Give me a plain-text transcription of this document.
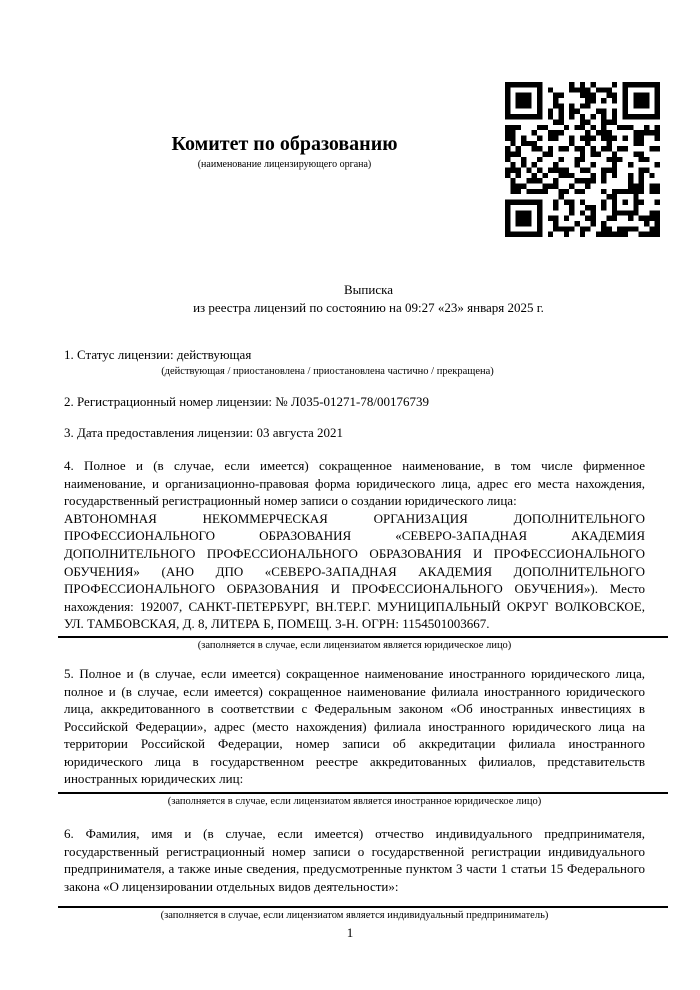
Комитет по образованию
(наименование лицензирующего органа)
Выписка
из реестра лицензий по состоянию на 09:27 «23» января 2025 г.

1. Статус лицензии: действующая

(действующая / приостановлена / приостановлена частично / прекращена)

2. Регистрационный номер лицензии: № Л035-01271-78/00176739

3. Дата предоставления лицензии: 03 августа 2021

4. Полное и (в случае, если имеется) сокращенное наименование, в том числе фирменное наименование, и организационно-правовая форма юридического лица, адрес его места нахождения, государственный регистрационный номер записи о создании юридического лица:
АВТОНОМНАЯ НЕКОММЕРЧЕСКАЯ ОРГАНИЗАЦИЯ ДОПОЛНИТЕЛЬНОГО ПРОФЕССИОНАЛЬНОГО ОБРАЗОВАНИЯ «СЕВЕРО-ЗАПАДНАЯ АКАДЕМИЯ ДОПОЛНИТЕЛЬНОГО ПРОФЕССИОНАЛЬНОГО ОБРАЗОВАНИЯ И ПРОФЕССИОНАЛЬНОГО ОБУЧЕНИЯ» (АНО ДПО «СЕВЕРО-ЗАПАДНАЯ АКАДЕМИЯ ДОПОЛНИТЕЛЬНОГО ПРОФЕССИОНАЛЬНОГО ОБРАЗОВАНИЯ И ПРОФЕССИОНАЛЬНОГО ОБУЧЕНИЯ»). Место нахождения: 192007, САНКТ-ПЕТЕРБУРГ, ВН.ТЕР.Г. МУНИЦИПАЛЬНЫЙ ОКРУГ ВОЛКОВСКОЕ, УЛ. ТАМБОВСКАЯ, Д. 8, ЛИТЕРА Б, ПОМЕЩ. 3-Н. ОГРН: 1154501003667.

(заполняется в случае, если лицензиатом является юридическое лицо)

5. Полное и (в случае, если имеется) сокращенное наименование иностранного юридического лица, полное и (в случае, если имеется) сокращенное наименование филиала иностранного юридического лица, аккредитованного в соответствии с Федеральным законом «Об иностранных инвестициях в Российской Федерации», адрес (место нахождения) филиала иностранного юридического лица на территории Российской Федерации, номер записи об аккредитации филиала иностранного юридического лица в государственном реестре аккредитованных филиалов, представительств иностранных юридических лиц:

(заполняется в случае, если лицензиатом является иностранное юридическое лицо)

6. Фамилия, имя и (в случае, если имеется) отчество индивидуального предпринимателя, государственный регистрационный номер записи о государственной регистрации индивидуального предпринимателя, а также иные сведения, предусмотренные пунктом 3 части 1 статьи 15 Федерального закона «О лицензировании отдельных видов деятельности»:

(заполняется в случае, если лицензиатом является индивидуальный предприниматель)
1
